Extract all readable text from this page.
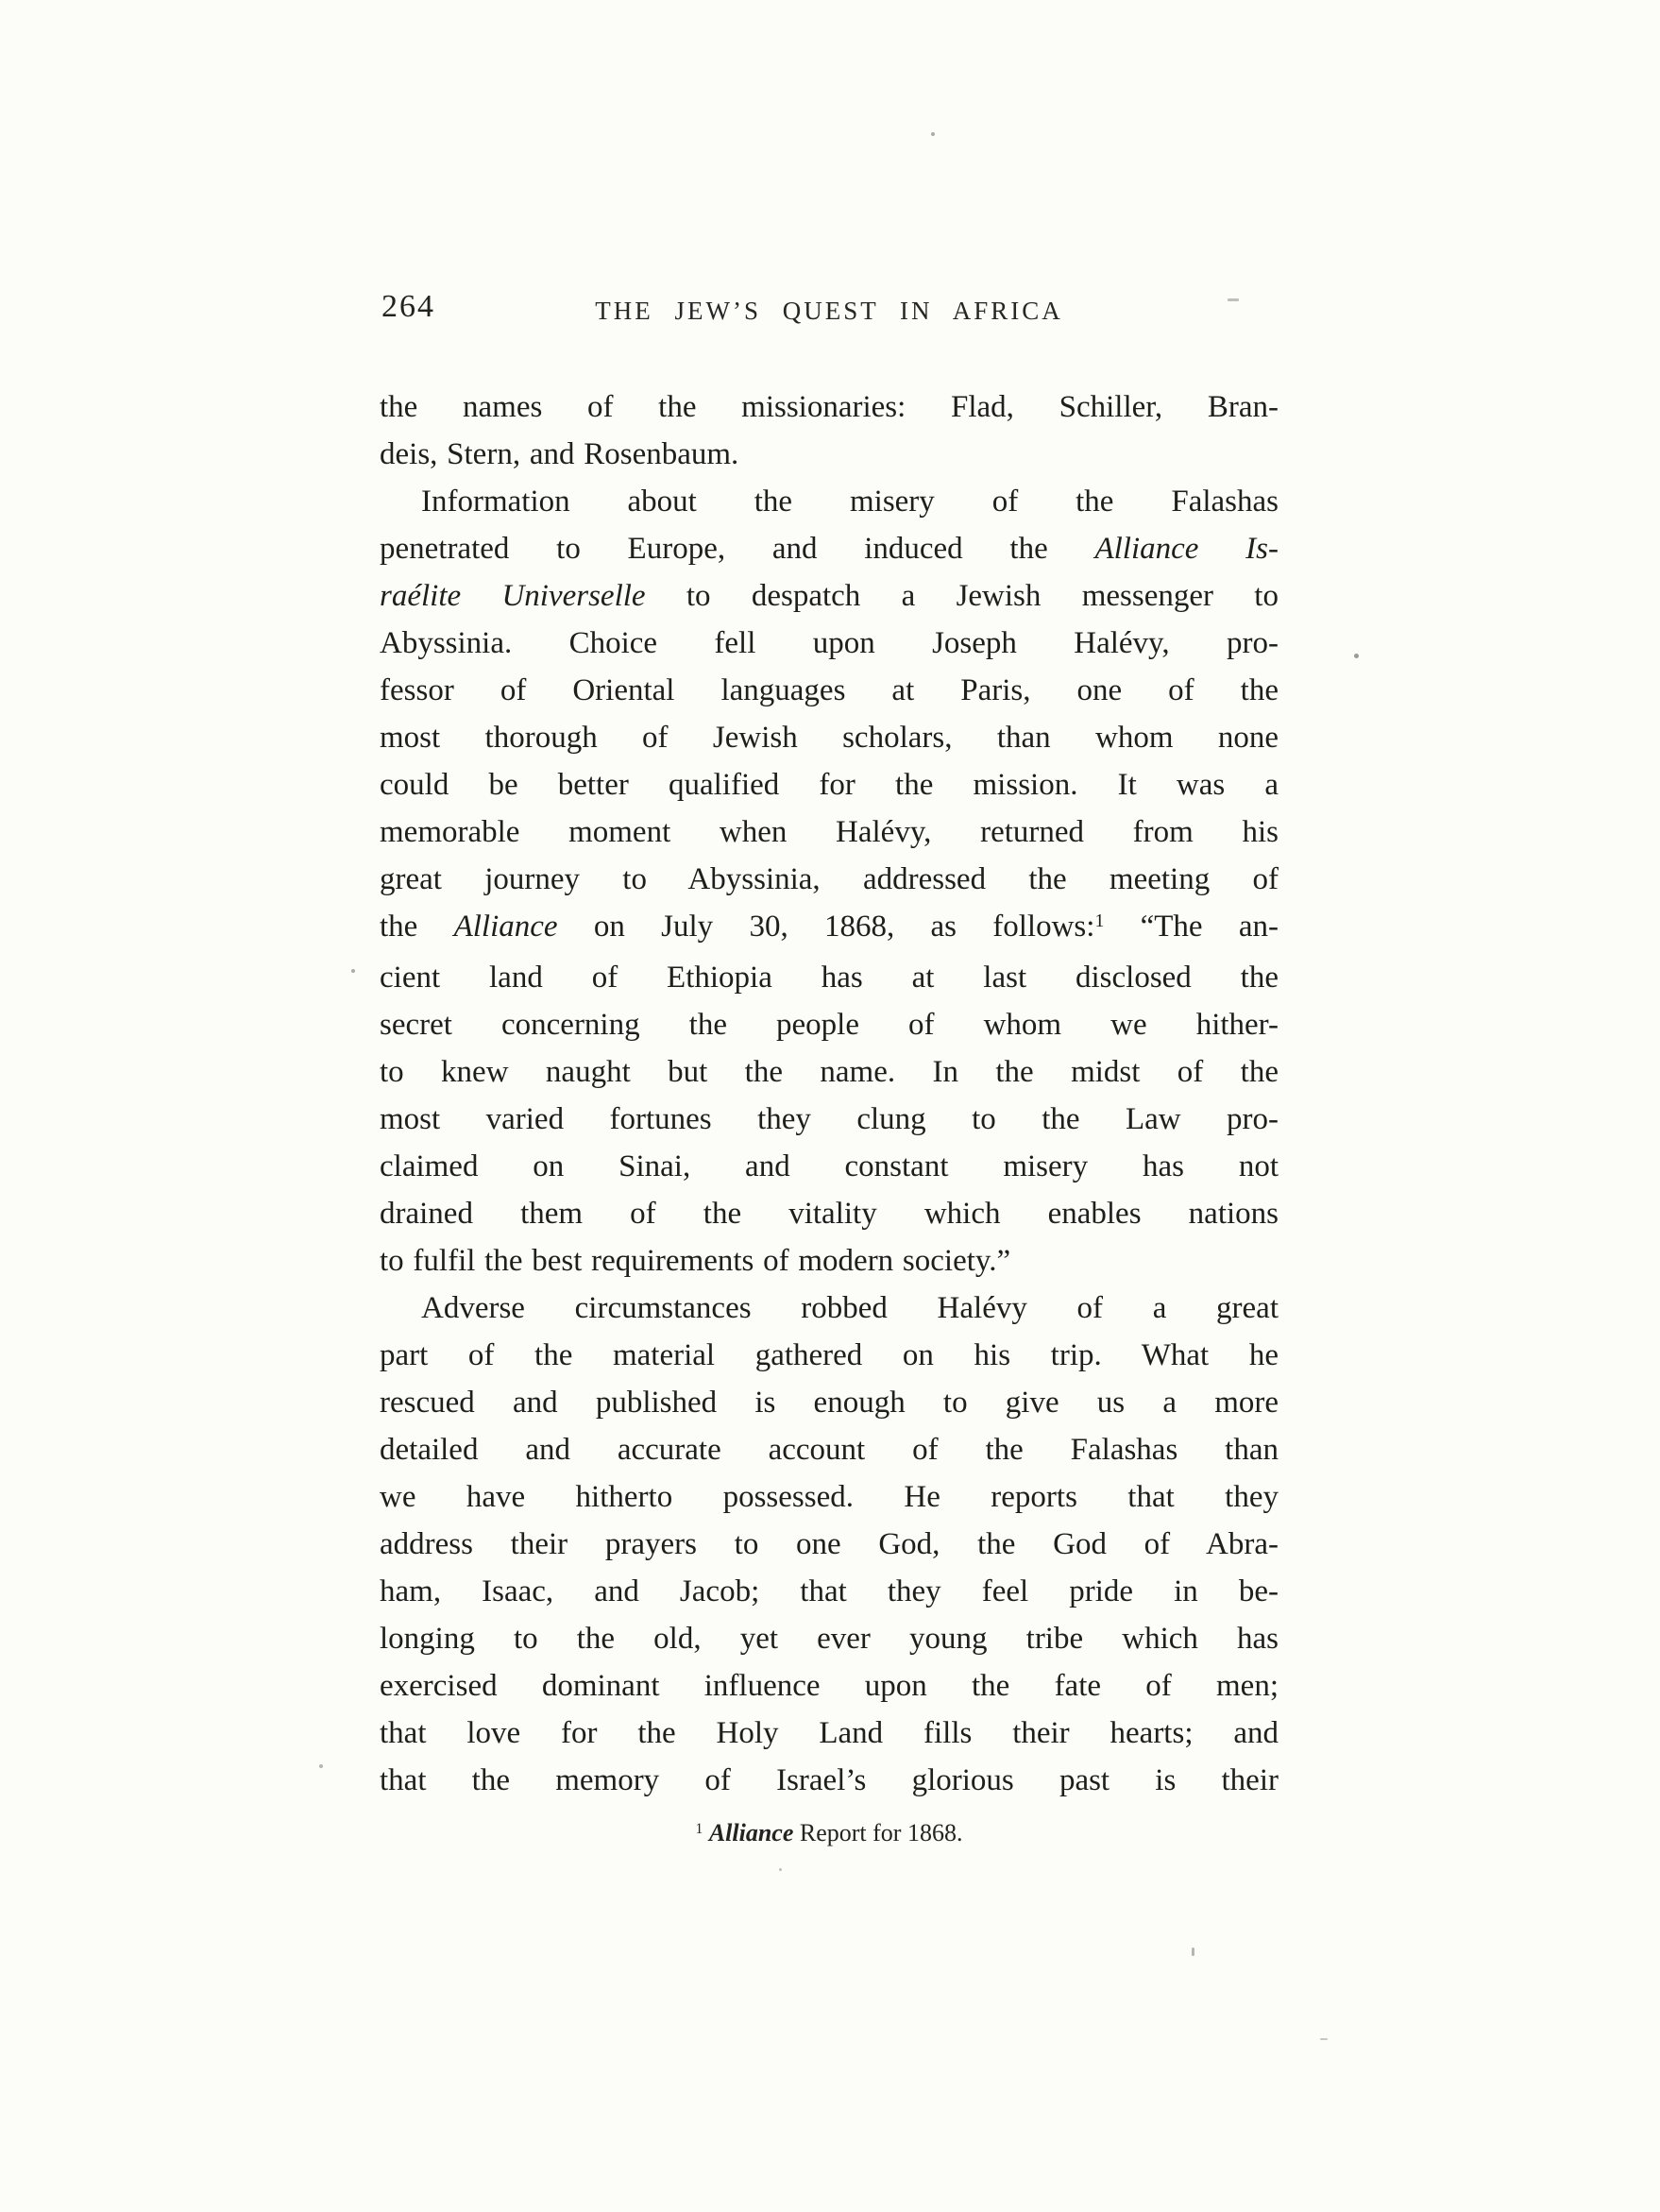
264	THE JEW’S QUEST IN AFRICA
the names of the missionaries: Flad, Schiller, Bran-
deis, Stern, and Rosenbaum.
Information about the misery of the Falashas
penetrated to Europe, and induced the Alliance Is-
raélite Universelle to despatch a Jewish messenger to
Abyssinia. Choice fell upon Joseph Halévy, pro-
fessor of Oriental languages at Paris, one of the
most thorough of Jewish scholars, than whom none
could be better qualified for the mission. It was a
memorable moment when Halévy, returned from his
great journey to Abyssinia, addressed the meeting of
the Alliance on July 30, 1868, as follows:$^1$ “The an-
cient land of Ethiopia has at last disclosed the
secret concerning the people of whom we hither-
to knew naught but the name. In the midst of the
most varied fortunes they clung to the Law pro-
claimed on Sinai, and constant misery has not
drained them of the vitality which enables nations
to fulfil the best requirements of modern society.”
Adverse circumstances robbed Halévy of a great
part of the material gathered on his trip. What he
rescued and published is enough to give us a more
detailed and accurate account of the Falashas than
we have hitherto possessed. He reports that they
address their prayers to one God, the God of Abra-
ham, Isaac, and Jacob; that they feel pride in be-
longing to the old, yet ever young tribe which has
exercised dominant influence upon the fate of men;
that love for the Holy Land fills their hearts; and
that the memory of Israel’s glorious past is their
$^1$ Alliance Report for 1868.
